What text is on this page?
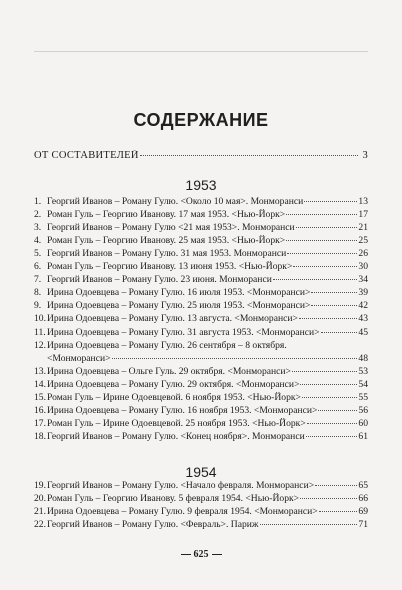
СОДЕРЖАНИЕ
ОТ СОСТАВИТЕЛЕЙ	3
1953
1. Георгий Иванов – Роману Гулю. <Около 10 мая>. Монморанси	13
2. Роман Гуль – Георгию Иванову. 17 мая 1953. <Нью-Йорк>	17
3. Георгий Иванов – Роману Гулю <21 мая 1953>. Монморанси	21
4. Роман Гуль – Георгию Иванову. 25 мая 1953. <Нью-Йорк>	25
5. Георгий Иванов – Роману Гулю. 31 мая 1953. Монморанси	26
6. Роман Гуль – Георгию Иванову. 13 июня 1953. <Нью-Йорк>	30
7. Георгий Иванов – Роману Гулю. 23 июня. Монморанси	34
8. Ирина Одоевцева – Роману Гулю. 16 июля 1953. <Монморанси>	39
9. Ирина Одоевцева – Роману Гулю. 25 июля 1953. <Монморанси>	42
10. Ирина Одоевцева – Роману Гулю. 13 августа. <Монморанси>	43
11. Ирина Одоевцева – Роману Гулю. 31 августа 1953. <Монморанси>	45
12. Ирина Одоевцева – Роману Гулю. 26 сентября – 8 октября.
<Монморанси>	48
13. Ирина Одоевцева – Ольге Гуль. 29 октября. <Монморанси>	53
14. Ирина Одоевцева – Роману Гулю. 29 октября. <Монморанси>	54
15. Роман Гуль – Ирине Одоевцевой. 6 ноября 1953. <Нью-Йорк>	55
16. Ирина Одоевцева – Роману Гулю. 16 ноября 1953. <Монморанси>	56
17. Роман Гуль – Ирине Одоевцевой. 25 ноября 1953. <Нью-Йорк>	60
18. Георгий Иванов – Роману Гулю. <Конец ноября>. Монморанси	61
1954
19. Георгий Иванов – Роману Гулю. <Начало февраля. Монморанси>	65
20. Роман Гуль – Георгию Иванову. 5 февраля 1954. <Нью-Йорк>	66
21. Ирина Одоевцева – Роману Гулю. 9 февраля 1954. <Монморанси>	69
22. Георгий Иванов – Роману Гулю. <Февраль>. Париж	71
625
